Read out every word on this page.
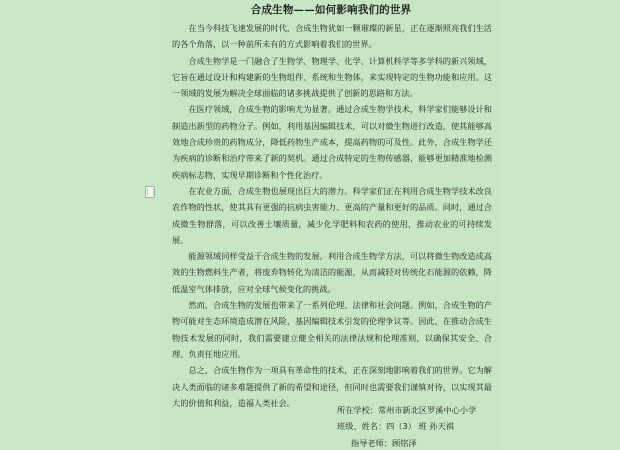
合成生物——如何影响我们的世界

在当今科技飞速发展的时代，合成生物犹如一颗璀璨的新星，正在逐渐照亮我们生活的各个角落，以一种前所未有的方式影响着我们的世界。

合成生物学是一门融合了生物学、物理学、化学、计算机科学等多学科的新兴领域，它旨在通过设计和构建新的生物组件、系统和生物体，来实现特定的生物功能和应用。这一领域的发展为解决全球面临的诸多挑战提供了创新的思路和方法。

在医疗领域，合成生物的影响尤为显著。通过合成生物学技术，科学家们能够设计和制造出新型的药物分子。例如，利用基因编辑技术，可以对微生物进行改造，使其能够高效地合成珍贵的药物成分，降低药物生产成本，提高药物的可及性。此外，合成生物学还为疾病的诊断和治疗带来了新的契机。通过合成特定的生物传感器，能够更加精准地检测疾病标志物，实现早期诊断和个性化治疗。

在农业方面，合成生物也展现出巨大的潜力。科学家们正在利用合成生物学技术改良农作物的性状，使其具有更强的抗病虫害能力、更高的产量和更好的品质。同时，通过合成微生物群落，可以改善土壤质量，减少化学肥料和农药的使用，推动农业的可持续发展。

能源领域同样受益于合成生物的发展。利用合成生物学方法，可以将微生物改造成高效的生物燃料生产者，将废弃物转化为清洁的能源，从而减轻对传统化石能源的依赖，降低温室气体排放，应对全球气候变化的挑战。

然而，合成生物的发展也带来了一系列伦理、法律和社会问题。例如，合成生物的产物可能对生态环境造成潜在风险，基因编辑技术引发的伦理争议等。因此，在推动合成生物技术发展的同时，我们需要建立健全相关的法律法规和伦理准则，以确保其安全、合理、负责任地应用。

总之，合成生物作为一项具有革命性的技术，正在深刻地影响着我们的世界。它为解决人类面临的诸多难题提供了新的希望和途径，但同时也需要我们谨慎对待，以实现其最大的价值和利益，造福人类社会。

所在学校：常州市新北区罗溪中心小学
班级、姓名：四（3） 班 孙天祺
指导老师：顾铭泽
⋮⋮
